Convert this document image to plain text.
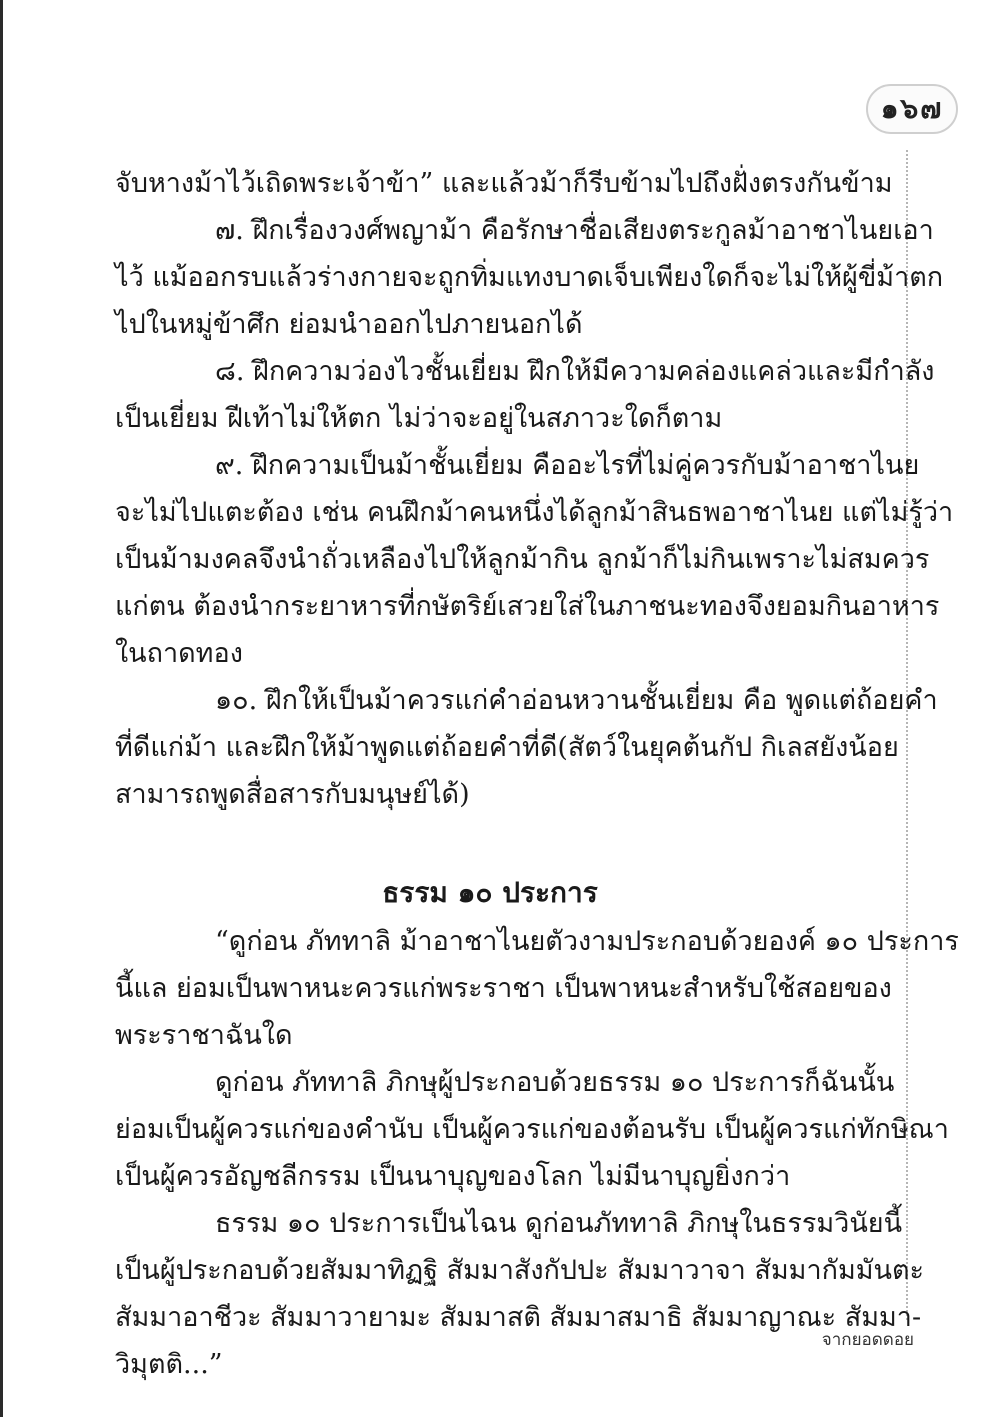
๑๖๗
จับหางม้าไว้เถิดพระเจ้าข้า” และแล้วม้าก็รีบข้ามไปถึงฝั่งตรงกันข้าม
๗. ฝึกเรื่องวงศ์พญาม้า คือรักษาชื่อเสียงตระกูลม้าอาชาไนยเอา
ไว้ แม้ออกรบแล้วร่างกายจะถูกทิ่มแทงบาดเจ็บเพียงใดก็จะไม่ให้ผู้ขี่ม้าตก
ไปในหมู่ข้าศึก ย่อมนำออกไปภายนอกได้
๘. ฝึกความว่องไวชั้นเยี่ยม ฝึกให้มีความคล่องแคล่วและมีกำลัง
เป็นเยี่ยม ฝีเท้าไม่ให้ตก ไม่ว่าจะอยู่ในสภาวะใดก็ตาม
๙. ฝึกความเป็นม้าชั้นเยี่ยม คืออะไรที่ไม่คู่ควรกับม้าอาชาไนย
จะไม่ไปแตะต้อง เช่น คนฝึกม้าคนหนึ่งได้ลูกม้าสินธพอาชาไนย แต่ไม่รู้ว่า
เป็นม้ามงคลจึงนำถั่วเหลืองไปให้ลูกม้ากิน ลูกม้าก็ไม่กินเพราะไม่สมควร
แก่ตน ต้องนำกระยาหารที่กษัตริย์เสวยใส่ในภาชนะทองจึงยอมกินอาหาร
ในถาดทอง
๑๐. ฝึกให้เป็นม้าควรแก่คำอ่อนหวานชั้นเยี่ยม คือ พูดแต่ถ้อยคำ
ที่ดีแก่ม้า และฝึกให้ม้าพูดแต่ถ้อยคำที่ดี(สัตว์ในยุคต้นกัป กิเลสยังน้อย
สามารถพูดสื่อสารกับมนุษย์ได้)
ธรรม ๑๐ ประการ
“ดูก่อน ภัททาลิ ม้าอาชาไนยตัวงามประกอบด้วยองค์ ๑๐ ประการ
นี้แล ย่อมเป็นพาหนะควรแก่พระราชา เป็นพาหนะสำหรับใช้สอยของ
พระราชาฉันใด
ดูก่อน ภัททาลิ ภิกษุผู้ประกอบด้วยธรรม ๑๐ ประการก็ฉันนั้น
ย่อมเป็นผู้ควรแก่ของคำนับ เป็นผู้ควรแก่ของต้อนรับ เป็นผู้ควรแก่ทักษิณา
เป็นผู้ควรอัญชลีกรรม เป็นนาบุญของโลก ไม่มีนาบุญยิ่งกว่า
ธรรม ๑๐ ประการเป็นไฉน ดูก่อนภัททาลิ ภิกษุในธรรมวินัยนี้
เป็นผู้ประกอบด้วยสัมมาทิฏฐิ สัมมาสังกัปปะ สัมมาวาจา สัมมากัมมันตะ
สัมมาอาชีวะ สัมมาวายามะ สัมมาสติ สัมมาสมาธิ สัมมาญาณะ สัมมา-
วิมุตติ...”
จากยอดดอย
